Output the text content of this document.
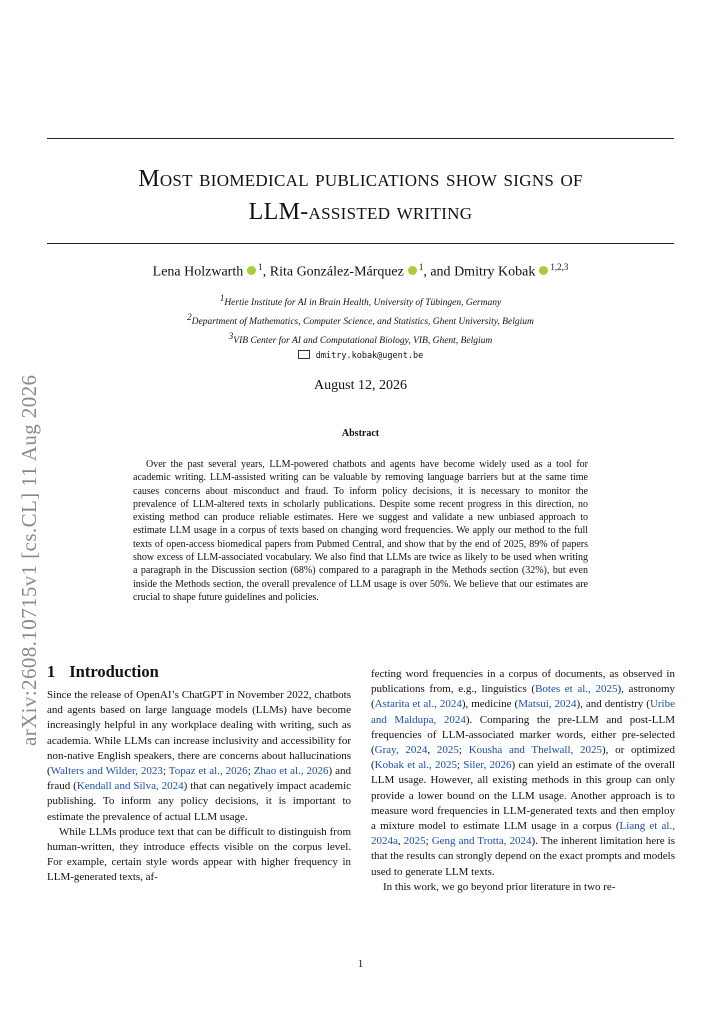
Most biomedical publications show signs of
LLM-assisted writing
Lena Holzwarth $^1$, Rita González-Márquez $^1$, and Dmitry Kobak $^{1,2,3}$
$^1$Hertie Institute for AI in Brain Health, University of Tübingen, Germany
$^2$Department of Mathematics, Computer Science, and Statistics, Ghent University, Belgium
$^3$VIB Center for AI and Computational Biology, VIB, Ghent, Belgium
dmitry.kobak@ugent.be
August 12, 2026
Abstract

Over the past several years, LLM-powered chatbots and agents have become widely used as a tool for academic writing. LLM-assisted writing can be valuable by removing language barriers but at the same time causes concerns about misconduct and fraud. To inform policy decisions, it is necessary to monitor the prevalence of LLM-altered texts in scholarly publications. Despite some recent progress in this direction, no existing method can produce reliable estimates. Here we suggest and validate a new unbiased approach to estimate LLM usage in a corpus of texts based on changing word frequencies. We apply our method to the full texts of open-access biomedical papers from Pubmed Central, and show that by the end of 2025, 89% of papers show excess of LLM-associated vocabulary. We also find that LLMs are twice as likely to be used when writing a paragraph in the Discussion section (68%) compared to a paragraph in the Methods section (32%), but even inside the Methods section, the overall prevalence of LLM usage is over 50%. We believe that our estimates are crucial to shape future guidelines and policies.

arXiv:2608.10715v1 [cs.CL] 11 Aug 2026 1 Introduction

Since the release of OpenAI’s ChatGPT in November 2022, chatbots and agents based on large language models (LLMs) have become increasingly helpful in any workplace dealing with writing, such as academia. While LLMs can increase inclusivity and accessibility for non-native English speakers, there are concerns about hallucinations (Walters and Wilder, 2023; Topaz et al., 2026; Zhao et al., 2026) and fraud (Kendall and Silva, 2024) that can negatively impact academic publishing. To inform any policy decisions, it is important to estimate the prevalence of actual LLM usage.

While LLMs produce text that can be difficult to distinguish from human-written, they introduce effects visible on the corpus level. For example, certain style words appear with higher frequency in LLM-generated texts, af-

fecting word frequencies in a corpus of documents, as observed in publications from, e.g., linguistics (Botes et al., 2025), astronomy (Astarita et al., 2024), medicine (Matsui, 2024), and dentistry (Uribe and Maldupa, 2024). Comparing the pre-LLM and post-LLM frequencies of LLM-associated marker words, either pre-selected (Gray, 2024, 2025; Kousha and Thelwall, 2025), or optimized (Kobak et al., 2025; Siler, 2026) can yield an estimate of the overall LLM usage. However, all existing methods in this group can only provide a lower bound on the LLM usage. Another approach is to measure word frequencies in LLM-generated texts and then employ a mixture model to estimate LLM usage in a corpus (Liang et al., 2024a, 2025; Geng and Trotta, 2024). The inherent limitation here is that the results can strongly depend on the exact prompts and models used to generate LLM texts.

In this work, we go beyond prior literature in two re-

1
